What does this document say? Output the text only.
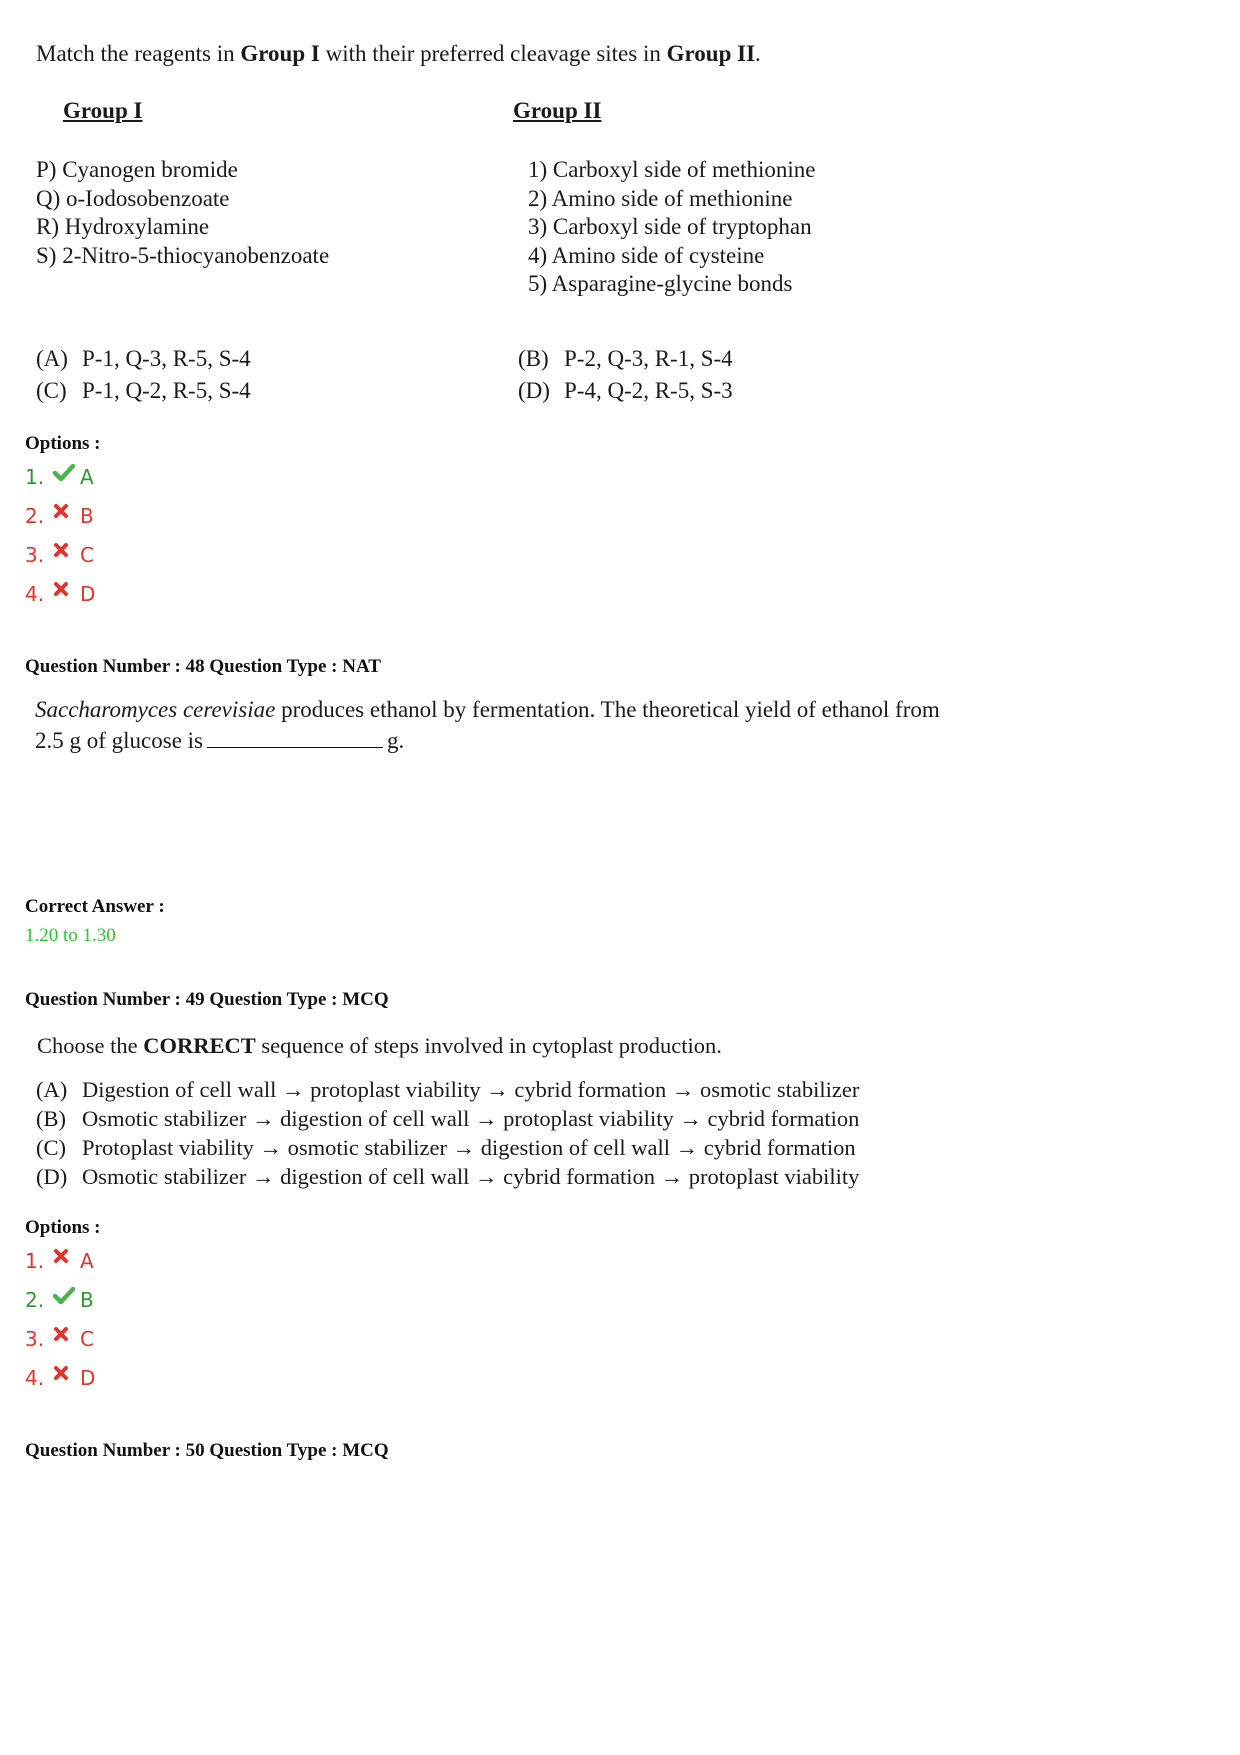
Match the reagents in Group I with their preferred cleavage sites in Group II.
Group I	Group II
P) Cyanogen bromide
Q) o-Iodosobenzoate
R) Hydroxylamine
S) 2-Nitro-5-thiocyanobenzoate
1) Carboxyl side of methionine
2) Amino side of methionine
3) Carboxyl side of tryptophan
4) Amino side of cysteine
5) Asparagine-glycine bonds
(A) P-1, Q-3, R-5, S-4	(B) P-2, Q-3, R-1, S-4
(C) P-1, Q-2, R-5, S-4	(D) P-4, Q-2, R-5, S-3
Options :
1.	A
2.	B
3.	C
4.	D
Question Number : 48 Question Type : NAT
Saccharomyces cerevisiae produces ethanol by fermentation. The theoretical yield of ethanol from
2.5 g of glucose is	g.
Correct Answer :
1.20 to 1.30
Question Number : 49 Question Type : MCQ
Choose the CORRECT sequence of steps involved in cytoplast production.
(A) Digestion of cell wall → protoplast viability → cybrid formation → osmotic stabilizer
(B) Osmotic stabilizer → digestion of cell wall → protoplast viability → cybrid formation
(C) Protoplast viability → osmotic stabilizer → digestion of cell wall → cybrid formation
(D) Osmotic stabilizer → digestion of cell wall → cybrid formation → protoplast viability
Options :
1.	A
2.	B
3.	C
4.	D
Question Number : 50 Question Type : MCQ
